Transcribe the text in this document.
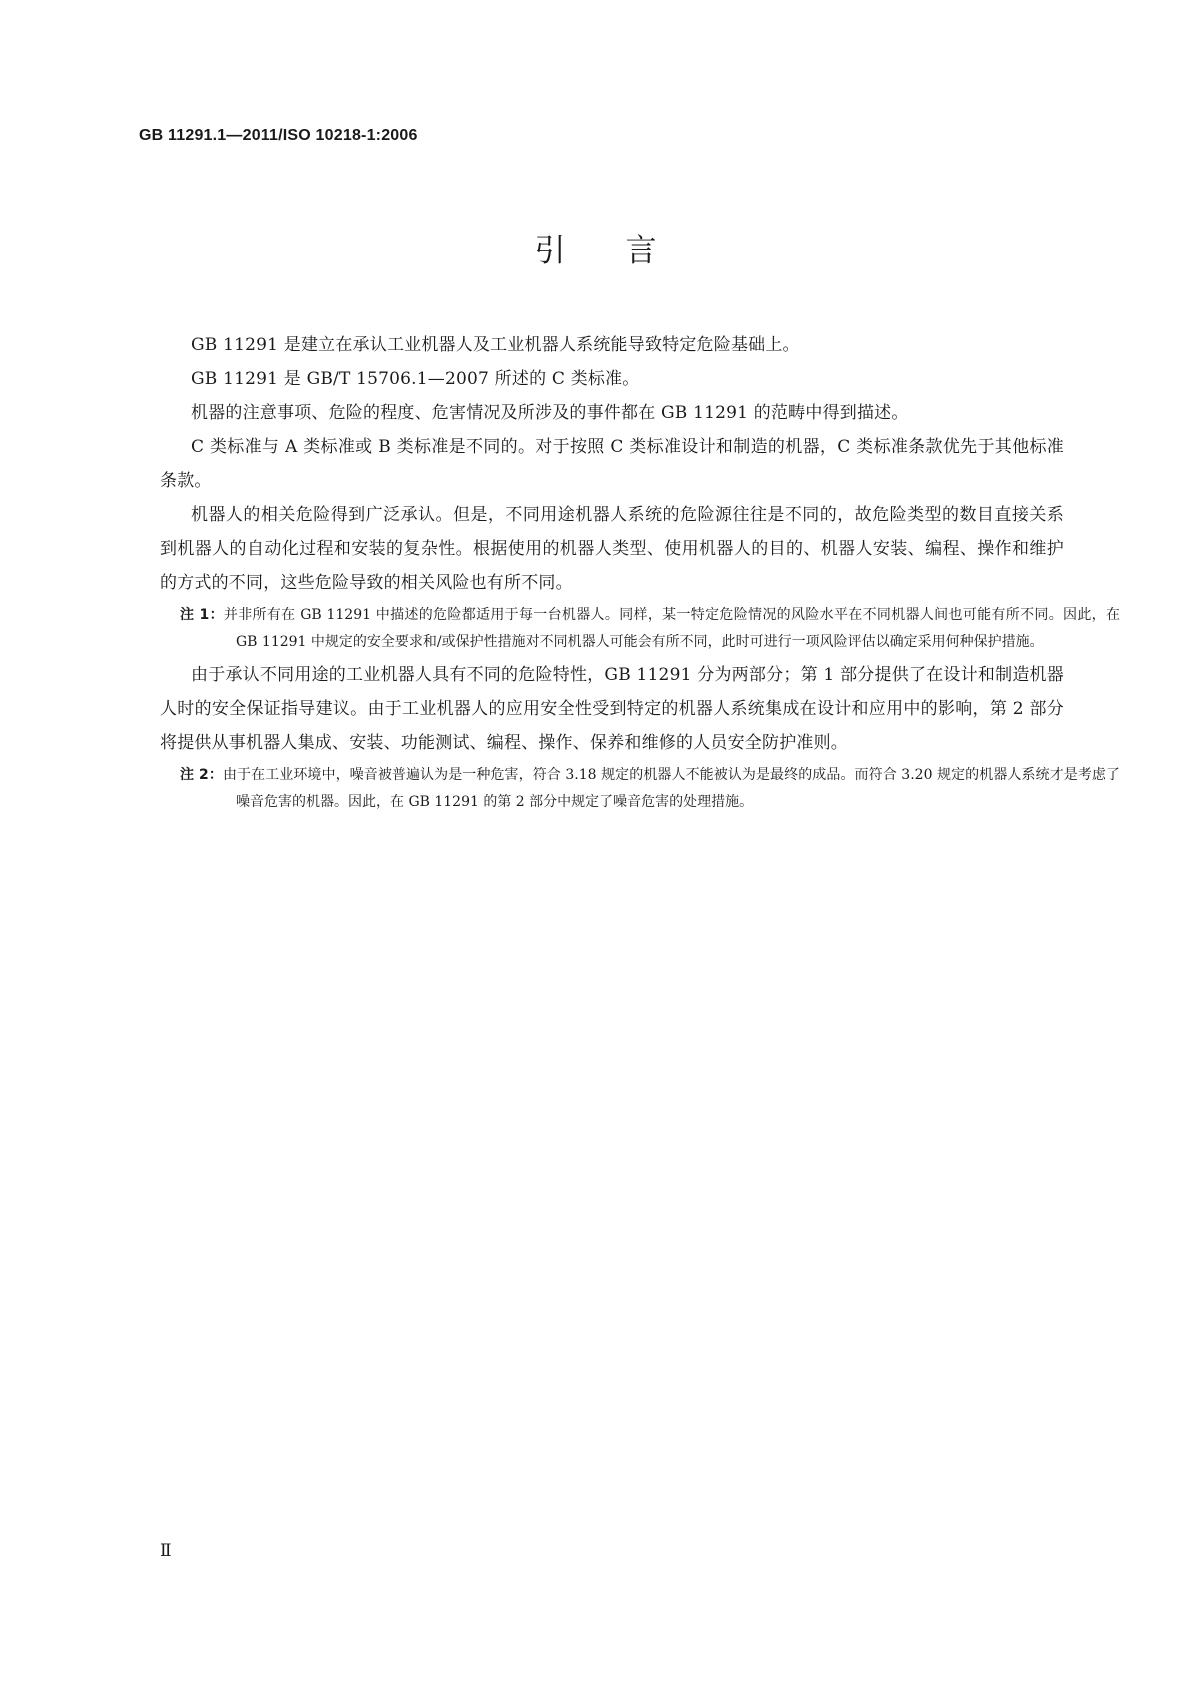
GB 11291.1—2011/ISO 10218-1:2006
引言

GB 11291 是建立在承认工业机器人及工业机器人系统能导致特定危险基础上。

GB 11291 是 GB/T 15706.1—2007 所述的 C 类标准。

机器的注意事项、危险的程度、危害情况及所涉及的事件都在 GB 11291 的范畴中得到描述。

C 类标准与 A 类标准或 B 类标准是不同的。对于按照 C 类标准设计和制造的机器，C 类标准条款优先于其他标准条款。

机器人的相关危险得到广泛承认。但是，不同用途机器人系统的危险源往往是不同的，故危险类型的数目直接关系到机器人的自动化过程和安装的复杂性。根据使用的机器人类型、使用机器人的目的、机器人安装、编程、操作和维护的方式的不同，这些危险导致的相关风险也有所不同。

注 1：并非所有在 GB 11291 中描述的危险都适用于每一台机器人。同样，某一特定危险情况的风险水平在不同机器人间也可能有所不同。因此，在 GB 11291 中规定的安全要求和/或保护性措施对不同机器人可能会有所不同，此时可进行一项风险评估以确定采用何种保护措施。

由于承认不同用途的工业机器人具有不同的危险特性，GB 11291 分为两部分；第 1 部分提供了在设计和制造机器人时的安全保证指导建议。由于工业机器人的应用安全性受到特定的机器人系统集成在设计和应用中的影响，第 2 部分将提供从事机器人集成、安装、功能测试、编程、操作、保养和维修的人员安全防护准则。

注 2：由于在工业环境中，噪音被普遍认为是一种危害，符合 3.18 规定的机器人不能被认为是最终的成品。而符合 3.20 规定的机器人系统才是考虑了噪音危害的机器。因此，在 GB 11291 的第 2 部分中规定了噪音危害的处理措施。

Ⅱ
